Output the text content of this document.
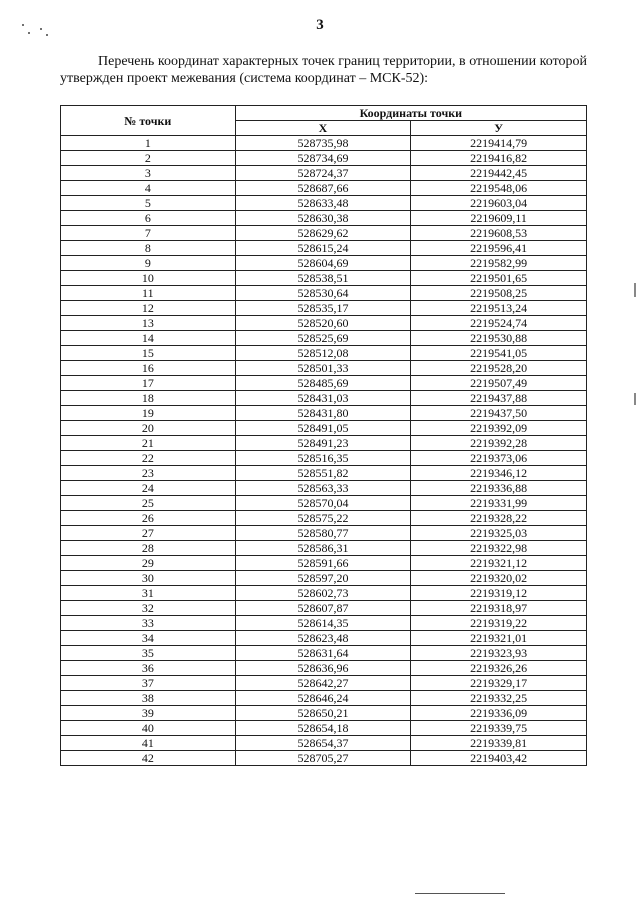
3
Перечень координат характерных точек границ территории, в отношении которой утвержден проект межевания (система координат – МСК-52):
№ точки	Координаты точки	
	X	У
1	528735,98	2219414,79
2	528734,69	2219416,82
3	528724,37	2219442,45
4	528687,66	2219548,06
5	528633,48	2219603,04
6	528630,38	2219609,11
7	528629,62	2219608,53
8	528615,24	2219596,41
9	528604,69	2219582,99
10	528538,51	2219501,65
11	528530,64	2219508,25
12	528535,17	2219513,24
13	528520,60	2219524,74
14	528525,69	2219530,88
15	528512,08	2219541,05
16	528501,33	2219528,20
17	528485,69	2219507,49
18	528431,03	2219437,88
19	528431,80	2219437,50
20	528491,05	2219392,09
21	528491,23	2219392,28
22	528516,35	2219373,06
23	528551,82	2219346,12
24	528563,33	2219336,88
25	528570,04	2219331,99
26	528575,22	2219328,22
27	528580,77	2219325,03
28	528586,31	2219322,98
29	528591,66	2219321,12
30	528597,20	2219320,02
31	528602,73	2219319,12
32	528607,87	2219318,97
33	528614,35	2219319,22
34	528623,48	2219321,01
35	528631,64	2219323,93
36	528636,96	2219326,26
37	528642,27	2219329,17
38	528646,24	2219332,25
39	528650,21	2219336,09
40	528654,18	2219339,75
41	528654,37	2219339,81
42	528705,27	2219403,42
